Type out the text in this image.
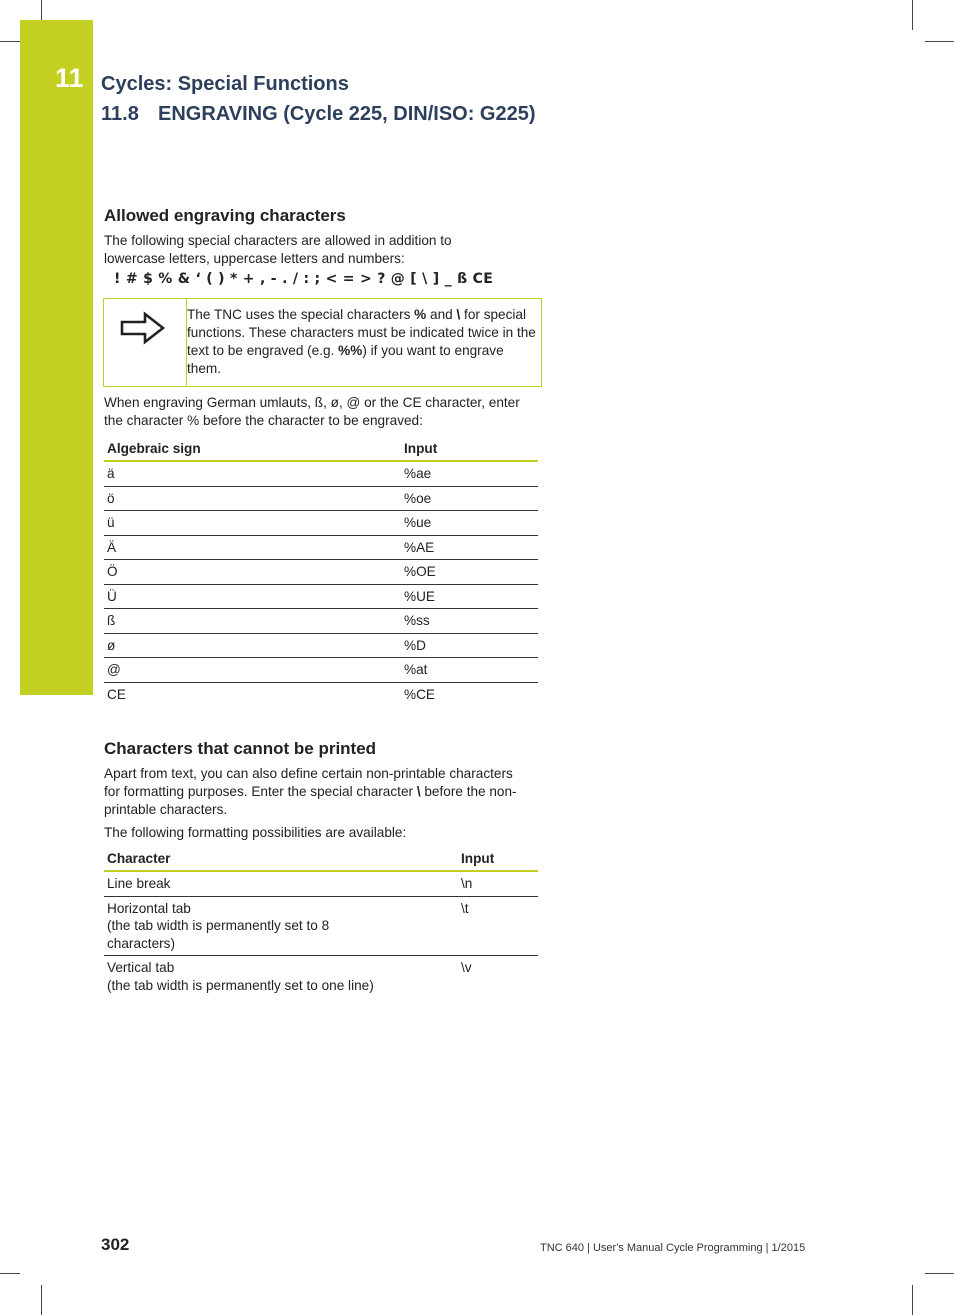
11 Cycles: Special Functions
11.8 ENGRAVING (Cycle 225, DIN/ISO: G225)
Allowed engraving characters

The following special characters are allowed in addition to lowercase letters, uppercase letters and numbers:

! # $ % & ‘ ( ) * + , - . / : ; < = > ? @ [ \ ] _ ß CE
The TNC uses the special characters % and \ for special functions. These characters must be indicated twice in the text to be engraved (e.g. %%) if you want to engrave them.

When engraving German umlauts, ß, ø, @ or the CE character, enter the character % before the character to be engraved:

Algebraic sign	Input
ä	%ae
ö	%oe
ü	%ue
Ä	%AE
Ö	%OE
Ü	%UE
ß	%ss
ø	%D
@	%at
CE	%CE
Characters that cannot be printed

Apart from text, you can also define certain non-printable characters for formatting purposes. Enter the special character \ before the non-printable characters.

The following formatting possibilities are available:

Character	Input

Line break	\n

Horizontal tab
(the tab width is permanently set to 8 characters)	\t

Vertical tab
(the tab width is permanently set to one line)	\v
302	TNC 640 | User's Manual Cycle Programming | 1/2015
